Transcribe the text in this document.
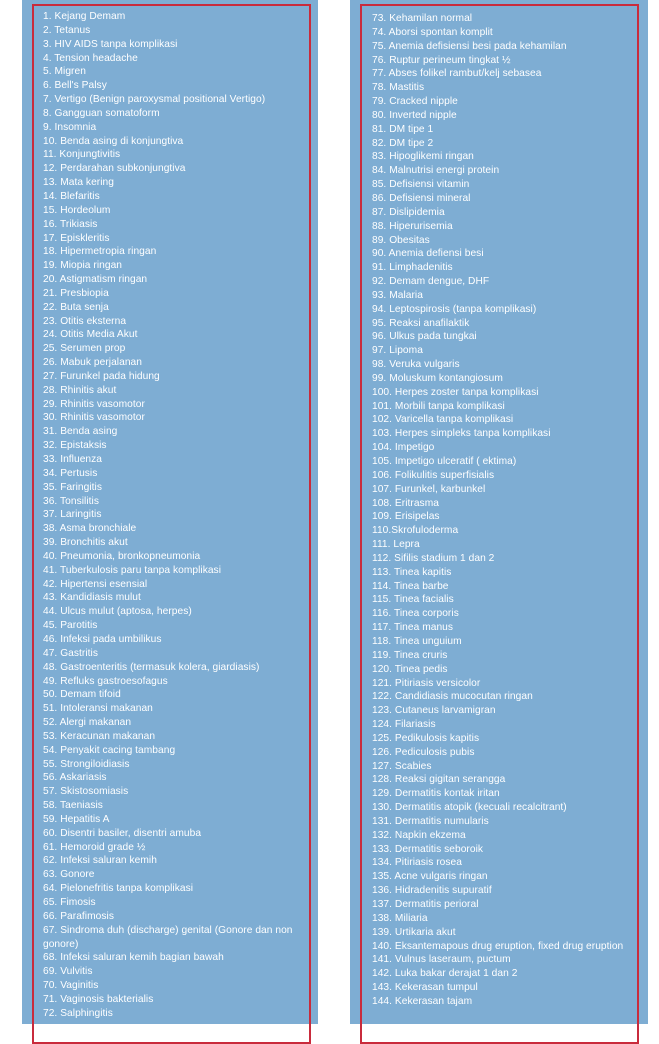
1. Kejang Demam
2. Tetanus
3. HIV AIDS tanpa komplikasi
4. Tension headache
5. Migren
6. Bell's Palsy
7. Vertigo (Benign paroxysmal positional Vertigo)
8. Gangguan somatoform
9. Insomnia
10. Benda asing di konjungtiva
11. Konjungtivitis
12. Perdarahan subkonjungtiva
13. Mata kering
14. Blefaritis
15. Hordeolum
16. Trikiasis
17. Episkleritis
18. Hipermetropia ringan
19. Miopia ringan
20. Astigmatism ringan
21. Presbiopia
22. Buta senja
23. Otitis eksterna
24. Otitis Media Akut
25. Serumen prop
26. Mabuk perjalanan
27. Furunkel pada hidung
28. Rhinitis akut
29. Rhinitis vasomotor
30. Rhinitis vasomotor
31. Benda asing
32. Epistaksis
33. Influenza
34. Pertusis
35. Faringitis
36. Tonsilitis
37. Laringitis
38. Asma bronchiale
39. Bronchitis akut
40. Pneumonia, bronkopneumonia
41. Tuberkulosis paru tanpa komplikasi
42. Hipertensi esensial
43. Kandidiasis mulut
44. Ulcus mulut (aptosa, herpes)
45. Parotitis
46. Infeksi pada umbilikus
47. Gastritis
48. Gastroenteritis (termasuk kolera, giardiasis)
49. Refluks gastroesofagus
50. Demam tifoid
51. Intoleransi makanan
52. Alergi makanan
53. Keracunan makanan
54. Penyakit cacing tambang
55. Strongiloidiasis
56. Askariasis
57. Skistosomiasis
58. Taeniasis
59. Hepatitis A
60. Disentri basiler, disentri amuba
61. Hemoroid grade ½
62. Infeksi saluran kemih
63. Gonore
64. Pielonefritis tanpa komplikasi
65. Fimosis
66. Parafimosis
67. Sindroma duh (discharge) genital (Gonore dan non gonore)
68. Infeksi saluran kemih bagian bawah
69. Vulvitis
70. Vaginitis
71. Vaginosis bakterialis
72. Salphingitis
73. Kehamilan normal
74. Aborsi spontan komplit
75. Anemia defisiensi besi pada kehamilan
76. Ruptur perineum tingkat ½
77. Abses folikel rambut/kelj sebasea
78. Mastitis
79. Cracked nipple
80. Inverted nipple
81. DM tipe 1
82. DM tipe 2
83. Hipoglikemi ringan
84. Malnutrisi energi protein
85. Defisiensi vitamin
86. Defisiensi mineral
87. Dislipidemia
88. Hiperurisemia
89. Obesitas
90. Anemia defiensi besi
91. Limphadenitis
92. Demam dengue, DHF
93. Malaria
94. Leptospirosis (tanpa komplikasi)
95. Reaksi anafilaktik
96. Ulkus pada tungkai
97. Lipoma
98. Veruka vulgaris
99. Moluskum kontangiosum
100. Herpes zoster tanpa komplikasi
101. Morbili tanpa komplikasi
102. Varicella tanpa komplikasi
103. Herpes simpleks tanpa komplikasi
104. Impetigo
105. Impetigo ulceratif ( ektima)
106. Folikulitis superfisialis
107. Furunkel, karbunkel
108. Eritrasma
109. Erisipelas
110.Skrofuloderma
111. Lepra
112. Sifilis stadium 1 dan 2
113. Tinea kapitis
114. Tinea barbe
115. Tinea facialis
116. Tinea corporis
117. Tinea manus
118. Tinea unguium
119. Tinea cruris
120. Tinea pedis
121. Pitiriasis versicolor
122. Candidiasis mucocutan ringan
123. Cutaneus larvamigran
124. Filariasis
125. Pedikulosis kapitis
126. Pediculosis pubis
127. Scabies
128. Reaksi gigitan serangga
129. Dermatitis kontak iritan
130. Dermatitis atopik (kecuali recalcitrant)
131. Dermatitis numularis
132. Napkin ekzema
133. Dermatitis seboroik
134. Pitiriasis rosea
135. Acne vulgaris ringan
136. Hidradenitis supuratif
137. Dermatitis perioral
138. Miliaria
139. Urtikaria akut
140. Eksantemapous drug eruption, fixed drug eruption
141. Vulnus laseraum, puctum
142. Luka bakar derajat 1 dan 2
143. Kekerasan tumpul
144. Kekerasan tajam
